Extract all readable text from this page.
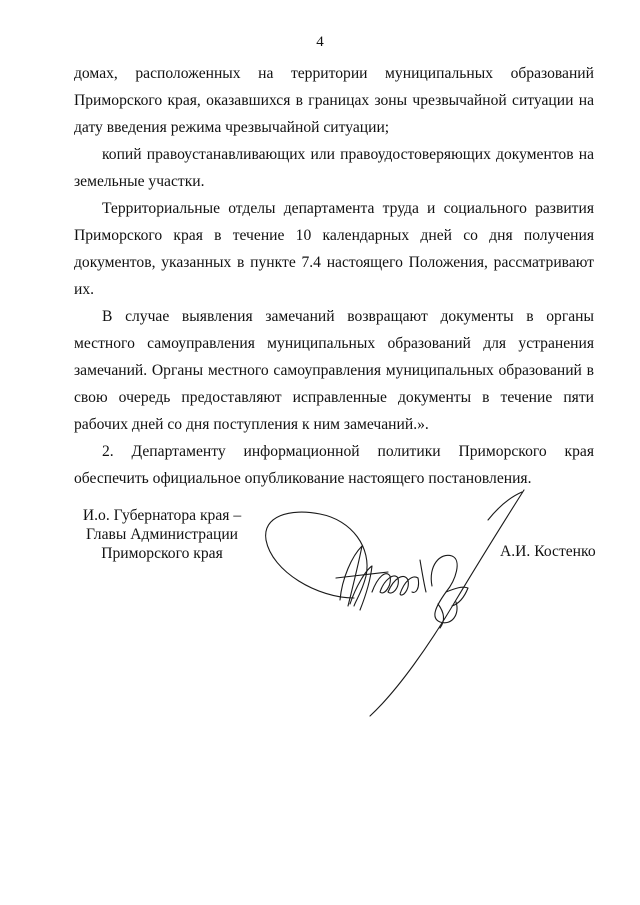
4

домах, расположенных на территории муниципальных образований Приморского края, оказавшихся в границах зоны чрезвычайной ситуации на дату введения режима чрезвычайной ситуации;

копий правоустанавливающих или правоудостоверяющих документов на земельные участки.

Территориальные отделы департамента труда и социального развития Приморского края в течение 10 календарных дней со дня получения документов, указанных в пункте 7.4 настоящего Положения, рассматривают их.

В случае выявления замечаний возвращают документы в органы местного самоуправления муниципальных образований для устранения замечаний. Органы местного самоуправления муниципальных образований в свою очередь предоставляют исправленные документы в течение пяти рабочих дней со дня поступления к ним замечаний.».

2. Департаменту информационной политики Приморского края обеспечить официальное опубликование настоящего постановления.

И.о. Губернатора края –
Главы Администрации
Приморского края	А.И. Костенко
